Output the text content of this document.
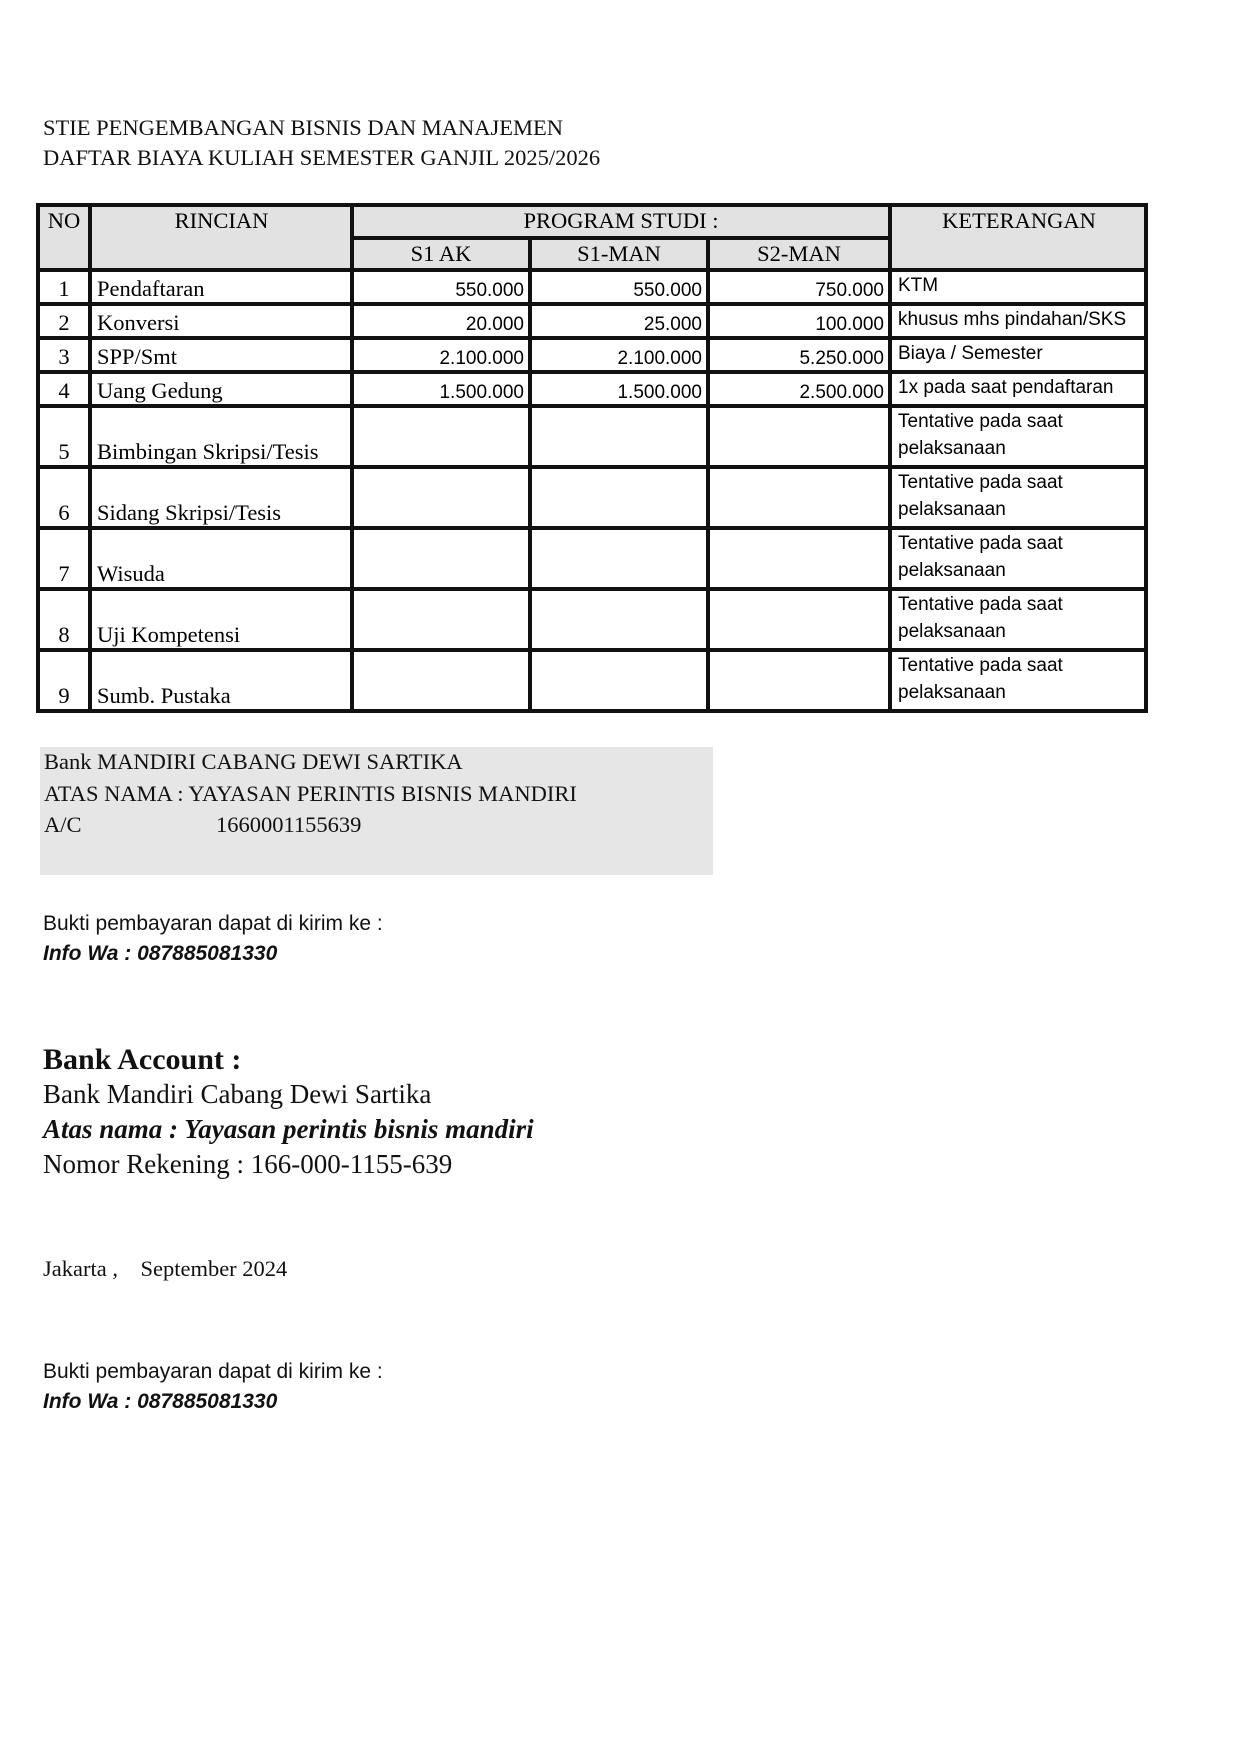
STIE PENGEMBANGAN BISNIS DAN MANAJEMEN
DAFTAR BIAYA KULIAH SEMESTER GANJIL 2025/2026
NO	RINCIAN	PROGRAM STUDI :			KETERANGAN
		S1 AK	S1-MAN	S2-MAN	
1	Pendaftaran	550.000	550.000	750.000	KTM
2	Konversi	20.000	25.000	100.000	khusus mhs pindahan/SKS
3	SPP/Smt	2.100.000	2.100.000	5.250.000	Biaya / Semester
4	Uang Gedung	1.500.000	1.500.000	2.500.000	1x pada saat pendaftaran
5	Bimbingan Skripsi/Tesis				Tentative pada saat pelaksanaan
6	Sidang Skripsi/Tesis				Tentative pada saat pelaksanaan
7	Wisuda				Tentative pada saat pelaksanaan
8	Uji Kompetensi				Tentative pada saat pelaksanaan
9	Sumb. Pustaka				Tentative pada saat pelaksanaan
Bank MANDIRI CABANG DEWI SARTIKA
ATAS NAMA : YAYASAN PERINTIS BISNIS MANDIRI
A/C	1660001155639
Bukti pembayaran dapat di kirim ke :
Info Wa : 087885081330
Bank Account :
Bank Mandiri Cabang Dewi Sartika
Atas nama : Yayasan perintis bisnis mandiri
Nomor Rekening : 166-000-1155-639
Jakarta ,    September 2024
Bukti pembayaran dapat di kirim ke :
Info Wa : 087885081330
